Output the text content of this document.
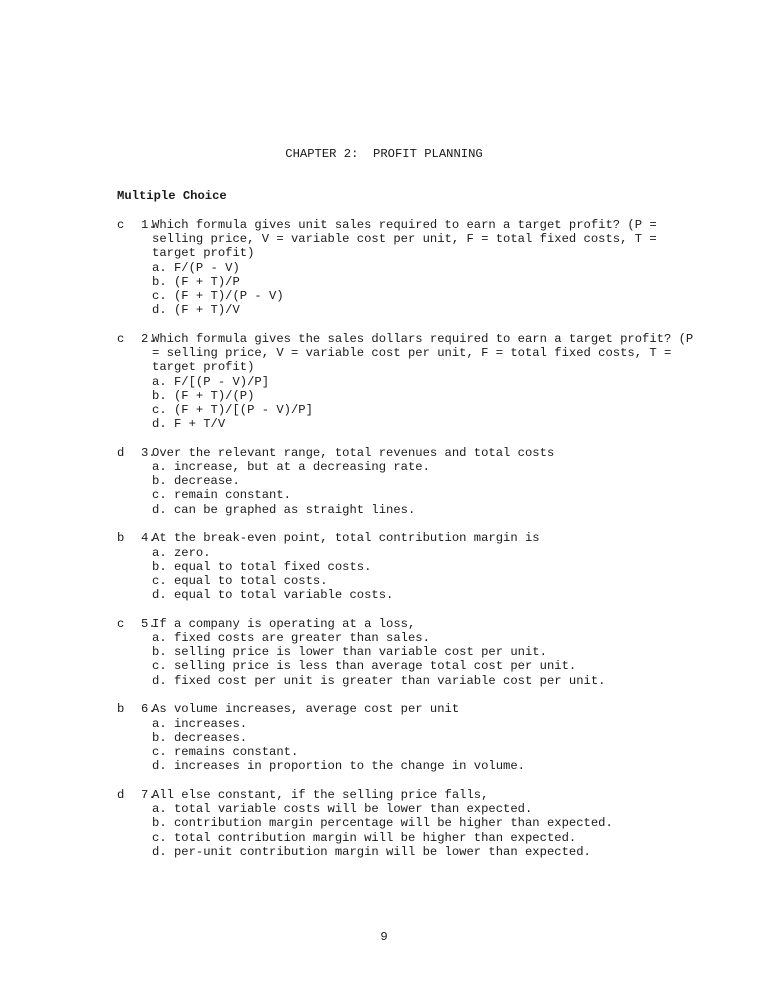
CHAPTER 2:  PROFIT PLANNING
Multiple Choice
c 1.
Which formula gives unit sales required to earn a target profit? (P = selling price, V = variable cost per unit, F = total fixed costs, T = target profit)
a. F/(P - V)
b. (F + T)/P
c. (F + T)/(P - V)
d. (F + T)/V
c 2.
Which formula gives the sales dollars required to earn a target profit? (P = selling price, V = variable cost per unit, F = total fixed costs, T = target profit)
a. F/[(P - V)/P]
b. (F + T)/(P)
c. (F + T)/[(P - V)/P]
d. F + T/V
d 3.
Over the relevant range, total revenues and total costs
a. increase, but at a decreasing rate.
b. decrease.
c. remain constant.
d. can be graphed as straight lines.
b 4.
At the break-even point, total contribution margin is
a. zero.
b. equal to total fixed costs.
c. equal to total costs.
d. equal to total variable costs.
c 5.
If a company is operating at a loss,
a. fixed costs are greater than sales.
b. selling price is lower than variable cost per unit.
c. selling price is less than average total cost per unit.
d. fixed cost per unit is greater than variable cost per unit.
b 6.
As volume increases, average cost per unit
a. increases.
b. decreases.
c. remains constant.
d. increases in proportion to the change in volume.
d 7.
All else constant, if the selling price falls,
a. total variable costs will be lower than expected.
b. contribution margin percentage will be higher than expected.
c. total contribution margin will be higher than expected.
d. per-unit contribution margin will be lower than expected.
9
